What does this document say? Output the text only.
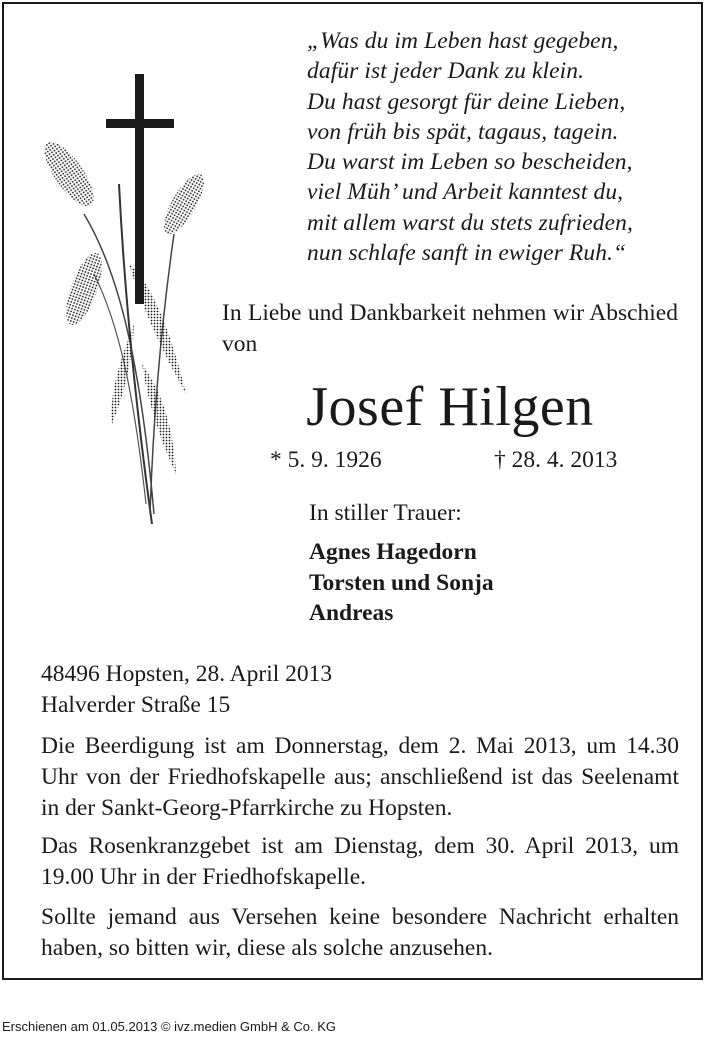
„Was du im Leben hast gegeben,
dafür ist jeder Dank zu klein.
Du hast gesorgt für deine Lieben,
von früh bis spät, tagaus, tagein.
Du warst im Leben so bescheiden,
viel Müh’ und Arbeit kanntest du,
mit allem warst du stets zufrieden,
nun schlafe sanft in ewiger Ruh.“
In Liebe und Dankbarkeit nehmen wir Abschied von
Josef Hilgen
* 5. 9. 1926	† 28. 4. 2013
In stiller Trauer:
Agnes Hagedorn
Torsten und Sonja
Andreas
48496 Hopsten, 28. April 2013
Halverder Straße 15
Die Beerdigung ist am Donnerstag, dem 2. Mai 2013, um 14.30 Uhr von der Friedhofskapelle aus; anschließend ist das Seelenamt in der Sankt-Georg-Pfarrkirche zu Hopsten.
Das Rosenkranzgebet ist am Dienstag, dem 30. April 2013, um 19.00 Uhr in der Friedhofskapelle.
Sollte jemand aus Versehen keine besondere Nachricht erhalten haben, so bitten wir, diese als solche anzusehen.
Erschienen am 01.05.2013 © ivz.medien GmbH & Co. KG
